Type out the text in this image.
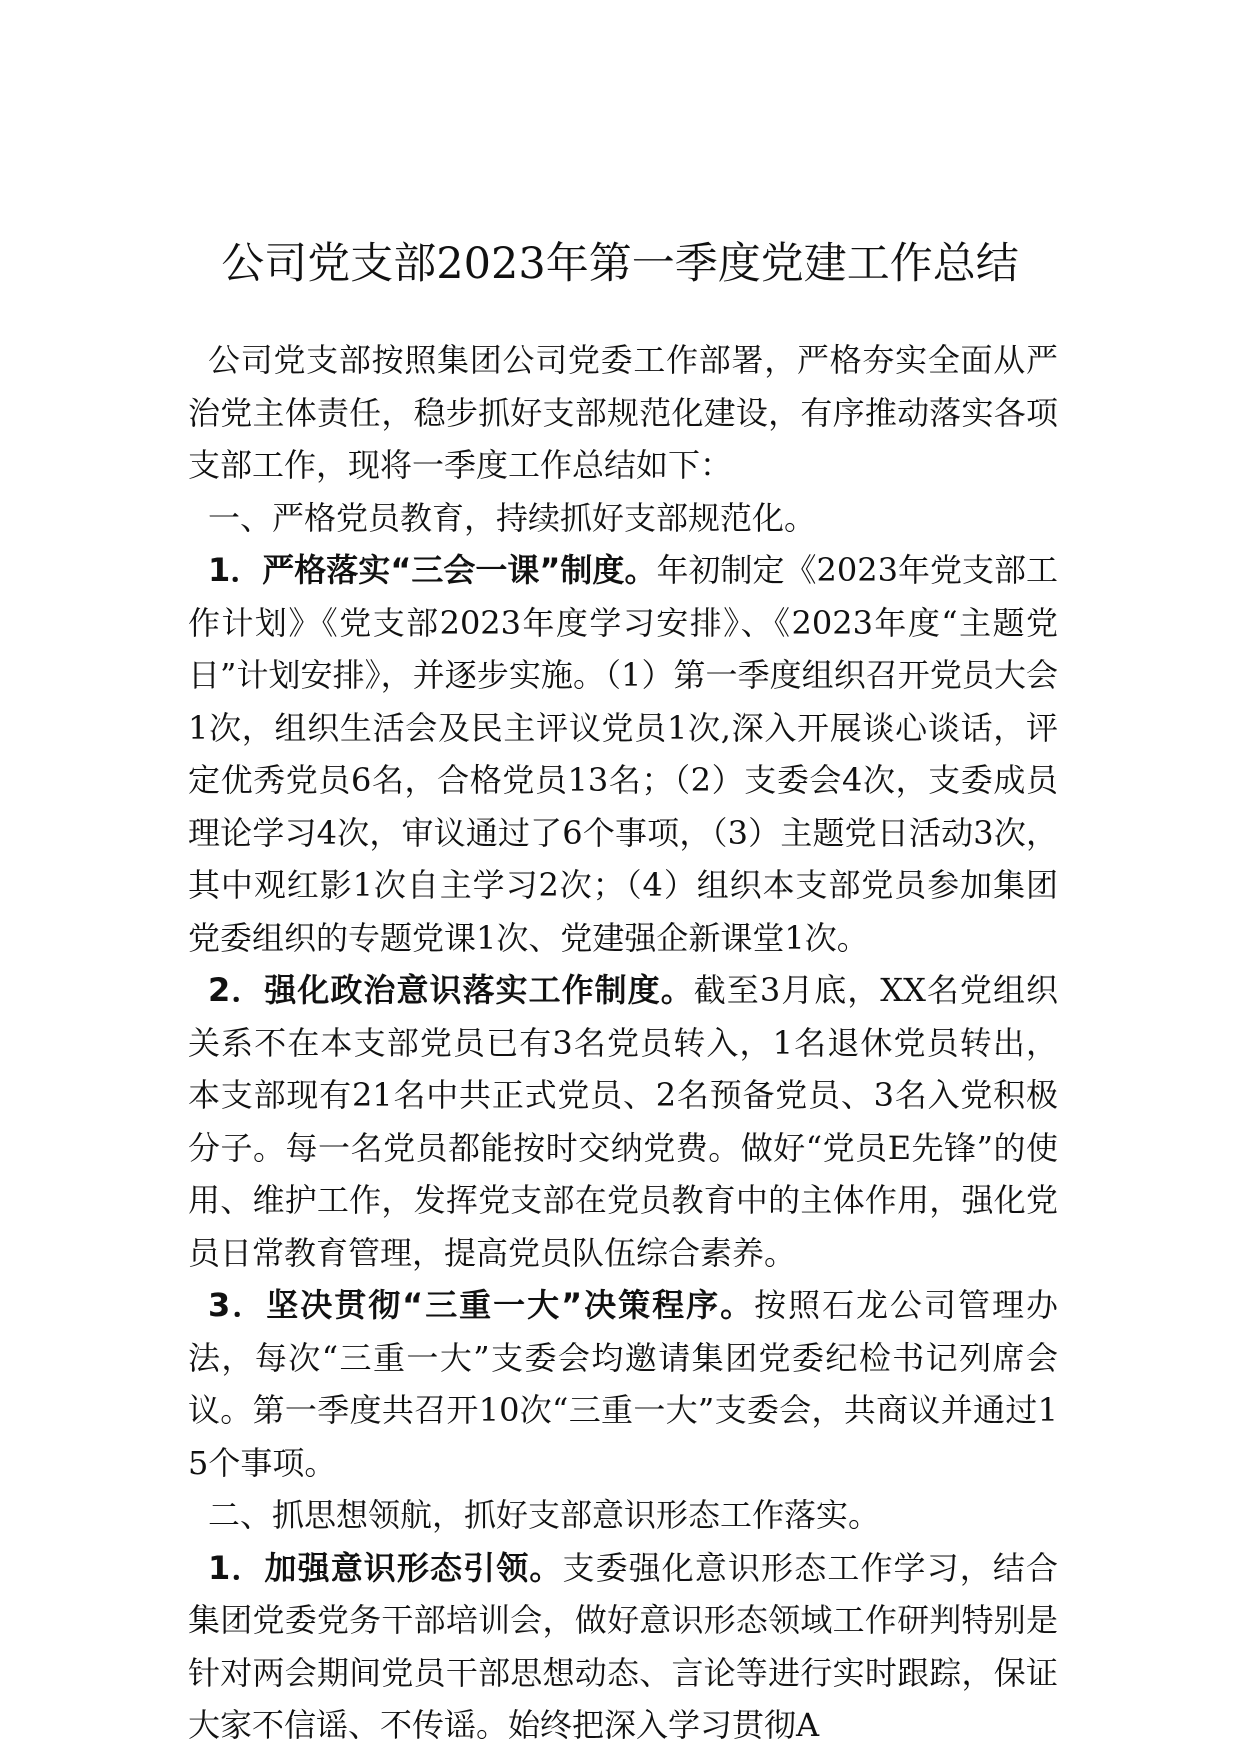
公司党支部2023年第一季度党建工作总结

公司党支部按照集团公司党委工作部署，严格夯实全面从严治党主体责任，稳步抓好支部规范化建设，有序推动落实各项支部工作，现将一季度工作总结如下：

一、严格党员教育，持续抓好支部规范化。

1．严格落实“三会一课”制度。年初制定《2023年党支部工作计划》《党支部2023年度学习安排》、《2023年度“主题党日”计划安排》，并逐步实施。（1）第一季度组织召开党员大会1次，组织生活会及民主评议党员1次,深入开展谈心谈话，评定优秀党员6名，合格党员13名；（2）支委会4次，支委成员理论学习4次，审议通过了6个事项，（3）主题党日活动3次，其中观红影1次自主学习2次；（4）组织本支部党员参加集团党委组织的专题党课1次、党建强企新课堂1次。

2．强化政治意识落实工作制度。截至3月底，XX名党组织关系不在本支部党员已有3名党员转入，1名退休党员转出，本支部现有21名中共正式党员、2名预备党员、3名入党积极分子。每一名党员都能按时交纳党费。做好“党员E先锋”的使用、维护工作，发挥党支部在党员教育中的主体作用，强化党员日常教育管理，提高党员队伍综合素养。

3．坚决贯彻“三重一大”决策程序。按照石龙公司管理办法，每次“三重一大”支委会均邀请集团党委纪检书记列席会议。第一季度共召开10次“三重一大”支委会，共商议并通过15个事项。

二、抓思想领航，抓好支部意识形态工作落实。

1．加强意识形态引领。支委强化意识形态工作学习，结合集团党委党务干部培训会，做好意识形态领域工作研判特别是针对两会期间党员干部思想动态、言论等进行实时跟踪，保证大家不信谣、不传谣。始终把深入学习贯彻A
